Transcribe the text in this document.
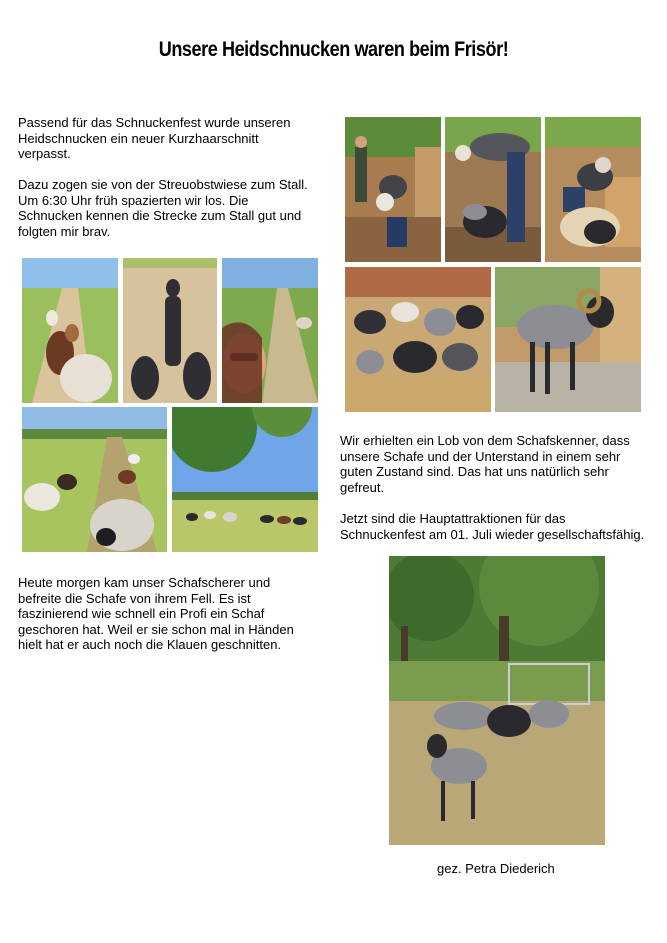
Unsere Heidschnucken waren beim Frisör!
Passend für das Schnuckenfest wurde unseren
Heidschnucken ein neuer Kurzhaarschnitt
verpasst.
Dazu zogen sie von der Streuobstwiese zum Stall.
Um 6:30 Uhr früh spazierten wir los. Die
Schnucken kennen die Strecke zum Stall gut und
folgten mir brav.
Wir erhielten ein Lob von dem Schafskenner, dass
unsere Schafe und der Unterstand in einem sehr
guten Zustand sind. Das hat uns natürlich sehr
gefreut.
Jetzt sind die Hauptattraktionen für das
Schnuckenfest am 01. Juli wieder gesellschaftsfähig.
Heute morgen kam unser Schafscherer und
befreite die Schafe von ihrem Fell. Es ist
faszinierend wie schnell ein Profi ein Schaf
geschoren hat. Weil er sie schon mal in Händen
hielt hat er auch noch die Klauen geschnitten.
gez. Petra Diederich
